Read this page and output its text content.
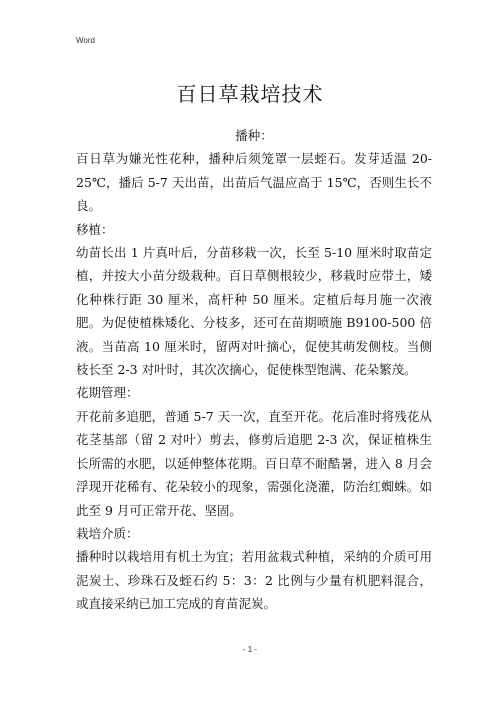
Word
百日草栽培技术

播种：

百日草为嫌光性花种，播种后须笼罩一层蛭石。发芽适温 20-25℃，播后 5-7 天出苗，出苗后气温应高于 15℃，否则生长不良。

移植：

幼苗长出 1 片真叶后，分苗移栽一次，长至 5-10 厘米时取苗定植，并按大小苗分级栽种。百日草侧根较少，移栽时应带土，矮化种株行距 30 厘米，高杆种 50 厘米。定植后每月施一次液肥。为促使植株矮化、分枝多，还可在苗期喷施 B9100-500 倍液。当苗高 10 厘米时，留两对叶摘心，促使其萌发侧枝。当侧枝长至 2-3 对叶时，其次次摘心，促使株型饱满、花朵繁茂。

花期管理：

开花前多追肥，普通 5-7 天一次，直至开花。花后准时将残花从花茎基部（留 2 对叶）剪去，修剪后追肥 2-3 次，保证植株生长所需的水肥，以延伸整体花期。百日草不耐酷暑，进入 8 月会浮现开花稀有、花朵较小的现象，需强化浇灌，防治红蜘蛛。如此至 9 月可正常开花、坚固。

栽培介质：

播种时以栽培用有机土为宜；若用盆栽式种植，采纳的介质可用泥炭土、珍珠石及蛭石约 5：3：2 比例与少量有机肥料混合，或直接采纳已加工完成的育苗泥炭。

- 1 -
